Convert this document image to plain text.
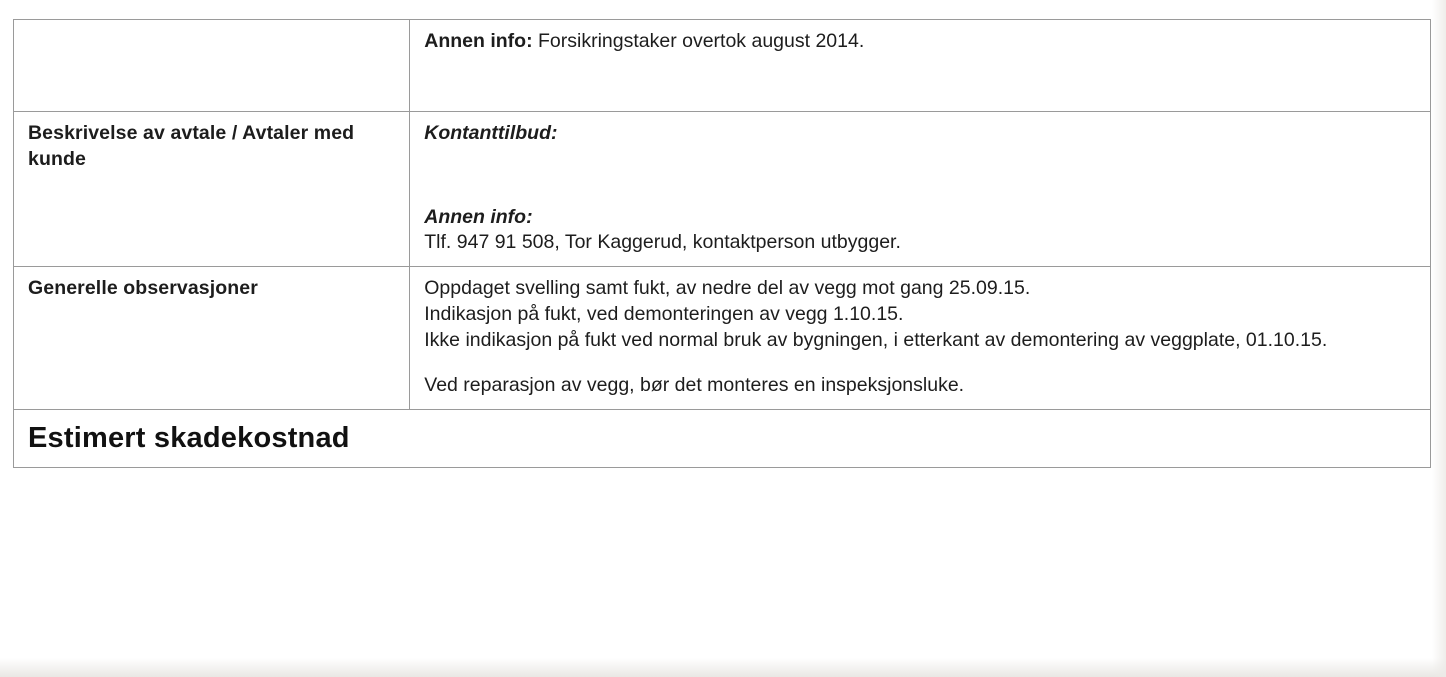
	Annen info: Forsikringstaker overtok august 2014.
Beskrivelse av avtale / Avtaler med kunde	Kontanttilbud:

Annen info:

Tlf. 947 91 508, Tor Kaggerud, kontaktperson utbygger.

Generelle observasjoner	Oppdaget svelling samt fukt, av nedre del av vegg mot gang 25.09.15.

Indikasjon på fukt, ved demonteringen av vegg 1.10.15.

Ikke indikasjon på fukt ved normal bruk av bygningen, i etterkant av demontering av veggplate, 01.10.15.

Ved reparasjon av vegg, bør det monteres en inspeksjonsluke.

Estimert skadekostnad	
